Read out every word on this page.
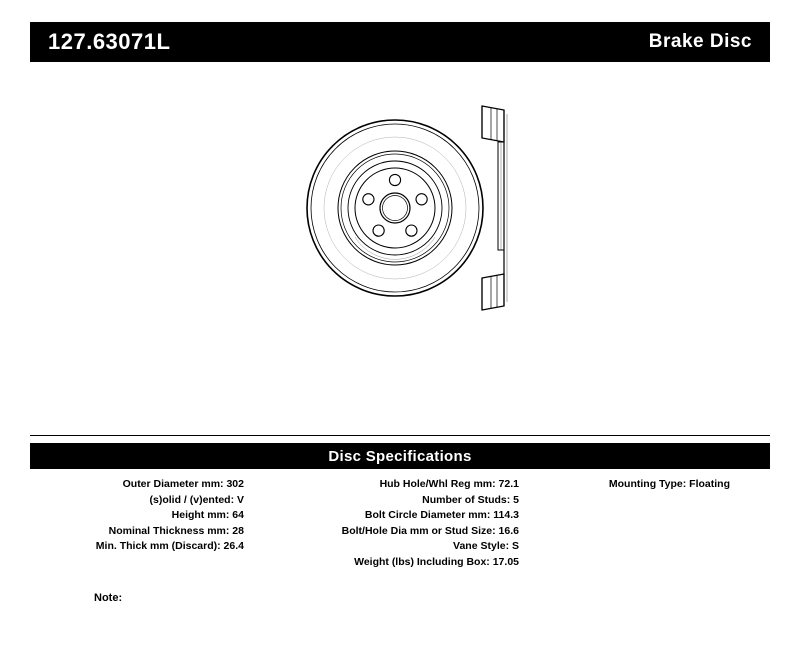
127.63071L	Brake Disc
Disc Specifications
Outer Diameter mm: 302
(s)olid / (v)ented: V
Height mm: 64
Nominal Thickness mm: 28
Min. Thick mm (Discard): 26.4
Hub Hole/Whl Reg mm: 72.1
Number of Studs: 5
Bolt Circle Diameter mm: 114.3
Bolt/Hole Dia mm or Stud Size: 16.6
Vane Style: S
Weight (lbs) Including Box: 17.05
Mounting Type: Floating
Note:
